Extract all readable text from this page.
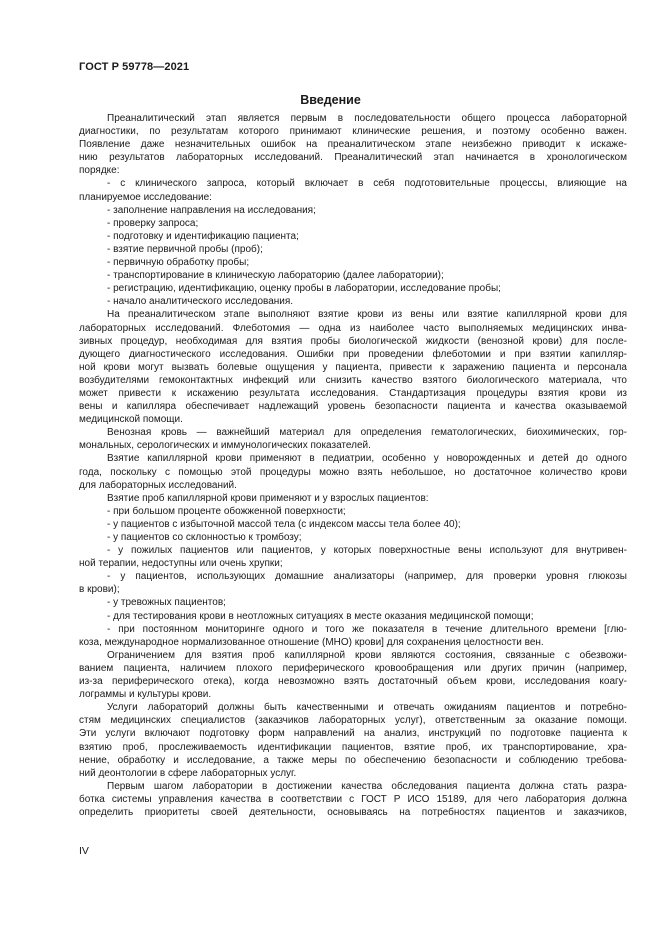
ГОСТ Р 59778—2021
Введение

Преаналитический этап является первым в последовательности общего процесса лабораторной
диагностики, по результатам которого принимают клинические решения, и поэтому особенно важен.
Появление даже незначительных ошибок на преаналитическом этапе неизбежно приводит к искаже-
нию результатов лабораторных исследований. Преаналитический этап начинается в хронологическом
порядке:
- с клинического запроса, который включает в себя подготовительные процессы, влияющие на
планируемое исследование:
- заполнение направления на исследования;
- проверку запроса;
- подготовку и идентификацию пациента;
- взятие первичной пробы (проб);
- первичную обработку пробы;
- транспортирование в клиническую лабораторию (далее лаборатории);
- регистрацию, идентификацию, оценку пробы в лаборатории, исследование пробы;
- начало аналитического исследования.
На преаналитическом этапе выполняют взятие крови из вены или взятие капиллярной крови для
лабораторных исследований. Флеботомия — одна из наиболее часто выполняемых медицинских инва-
зивных процедур, необходимая для взятия пробы биологической жидкости (венозной крови) для после-
дующего диагностического исследования. Ошибки при проведении флеботомии и при взятии капилляр-
ной крови могут вызвать болевые ощущения у пациента, привести к заражению пациента и персонала
возбудителями гемоконтактных инфекций или снизить качество взятого биологического материала, что
может привести к искажению результата исследования. Стандартизация процедуры взятия крови из
вены и капилляра обеспечивает надлежащий уровень безопасности пациента и качества оказываемой
медицинской помощи.
Венозная кровь — важнейший материал для определения гематологических, биохимических, гор-
мональных, серологических и иммунологических показателей.
Взятие капиллярной крови применяют в педиатрии, особенно у новорожденных и детей до одного
года, поскольку с помощью этой процедуры можно взять небольшое, но достаточное количество крови
для лабораторных исследований.
Взятие проб капиллярной крови применяют и у взрослых пациентов:
- при большом проценте обожженной поверхности;
- у пациентов с избыточной массой тела (с индексом массы тела более 40);
- у пациентов со склонностью к тромбозу;
- у пожилых пациентов или пациентов, у которых поверхностные вены используют для внутривен-
ной терапии, недоступны или очень хрупки;
- у пациентов, использующих домашние анализаторы (например, для проверки уровня глюкозы
в крови);
- у тревожных пациентов;
- для тестирования крови в неотложных ситуациях в месте оказания медицинской помощи;
- при постоянном мониторинге одного и того же показателя в течение длительного времени [глю-
коза, международное нормализованное отношение (МНО) крови] для сохранения целостности вен.
Ограничением для взятия проб капиллярной крови являются состояния, связанные с обезвожи-
ванием пациента, наличием плохого периферического кровообращения или других причин (например,
из-за периферического отека), когда невозможно взять достаточный объем крови, исследования коагу-
лограммы и культуры крови.
Услуги лабораторий должны быть качественными и отвечать ожиданиям пациентов и потребно-
стям медицинских специалистов (заказчиков лабораторных услуг), ответственным за оказание помощи.
Эти услуги включают подготовку форм направлений на анализ, инструкций по подготовке пациента к
взятию проб, прослеживаемость идентификации пациентов, взятие проб, их транспортирование, хра-
нение, обработку и исследование, а также меры по обеспечению безопасности и соблюдению требова-
ний деонтологии в сфере лабораторных услуг.
Первым шагом лаборатории в достижении качества обследования пациента должна стать разра-
ботка системы управления качества в соответствии с ГОСТ Р ИСО 15189, для чего лаборатория должна
определить приоритеты своей деятельности, основываясь на потребностях пациентов и заказчиков,

IV
